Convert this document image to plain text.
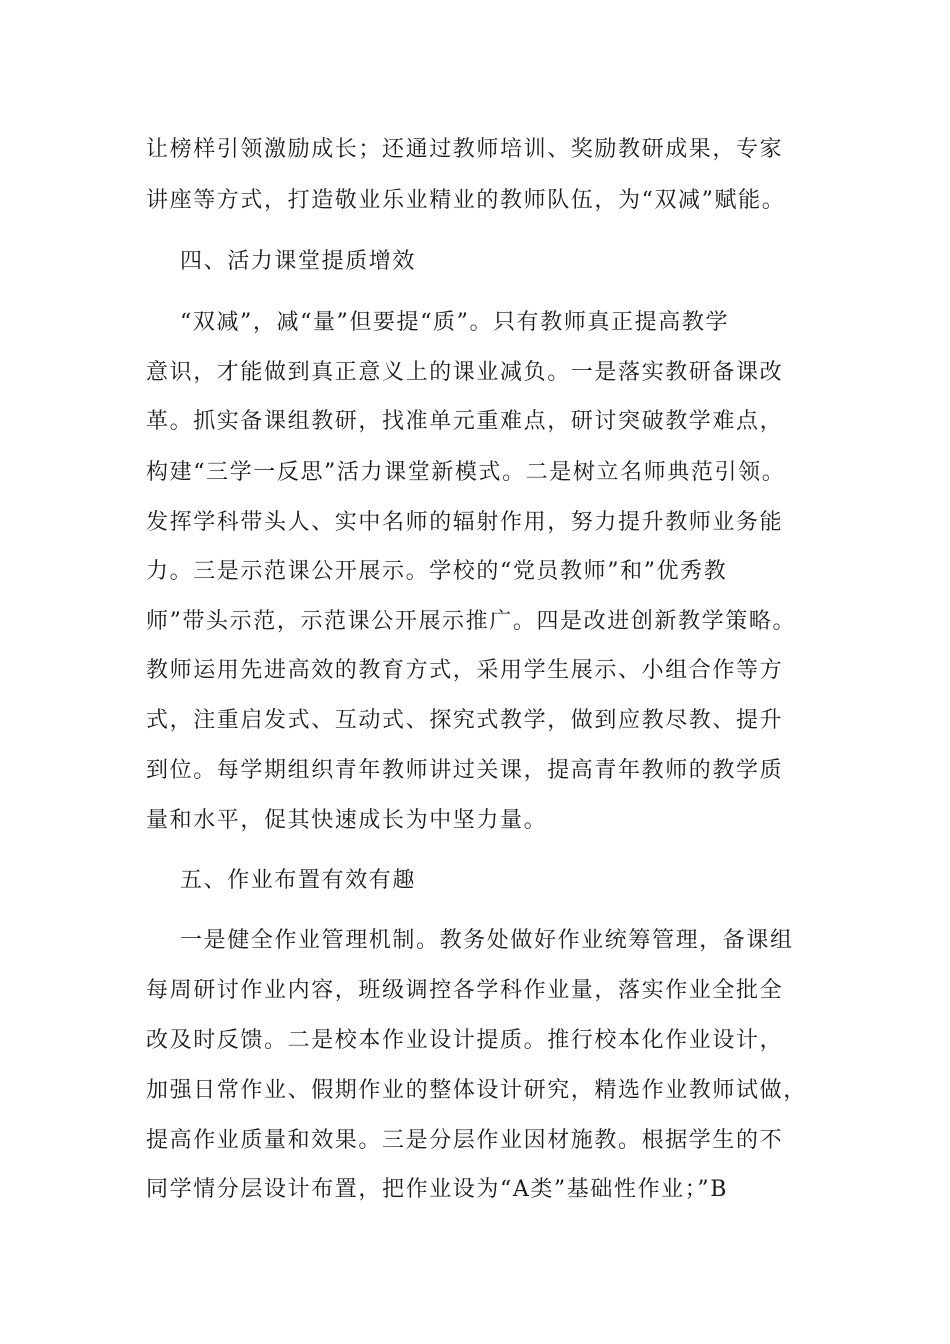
让榜样引领激励成长；还通过教师培训、奖励教研成果，专家
讲座等方式，打造敬业乐业精业的教师队伍，为“双减”赋能。
四、活力课堂提质增效
“双减”，减“量”但要提“质”。只有教师真正提高教学
意识，才能做到真正意义上的课业减负。一是落实教研备课改
革。抓实备课组教研，找准单元重难点，研讨突破教学难点，
构建“三学一反思”活力课堂新模式。二是树立名师典范引领。
发挥学科带头人、实中名师的辐射作用，努力提升教师业务能
力。三是示范课公开展示。学校的“党员教师”和”优秀教
师”带头示范，示范课公开展示推广。四是改进创新教学策略。
教师运用先进高效的教育方式，采用学生展示、小组合作等方
式，注重启发式、互动式、探究式教学，做到应教尽教、提升
到位。每学期组织青年教师讲过关课，提高青年教师的教学质
量和水平，促其快速成长为中坚力量。
五、作业布置有效有趣
一是健全作业管理机制。教务处做好作业统筹管理，备课组
每周研讨作业内容，班级调控各学科作业量，落实作业全批全
改及时反馈。二是校本作业设计提质。推行校本化作业设计，
加强日常作业、假期作业的整体设计研究，精选作业教师试做，
提高作业质量和效果。三是分层作业因材施教。根据学生的不
同学情分层设计布置，把作业设为“A类”基础性作业；”B
